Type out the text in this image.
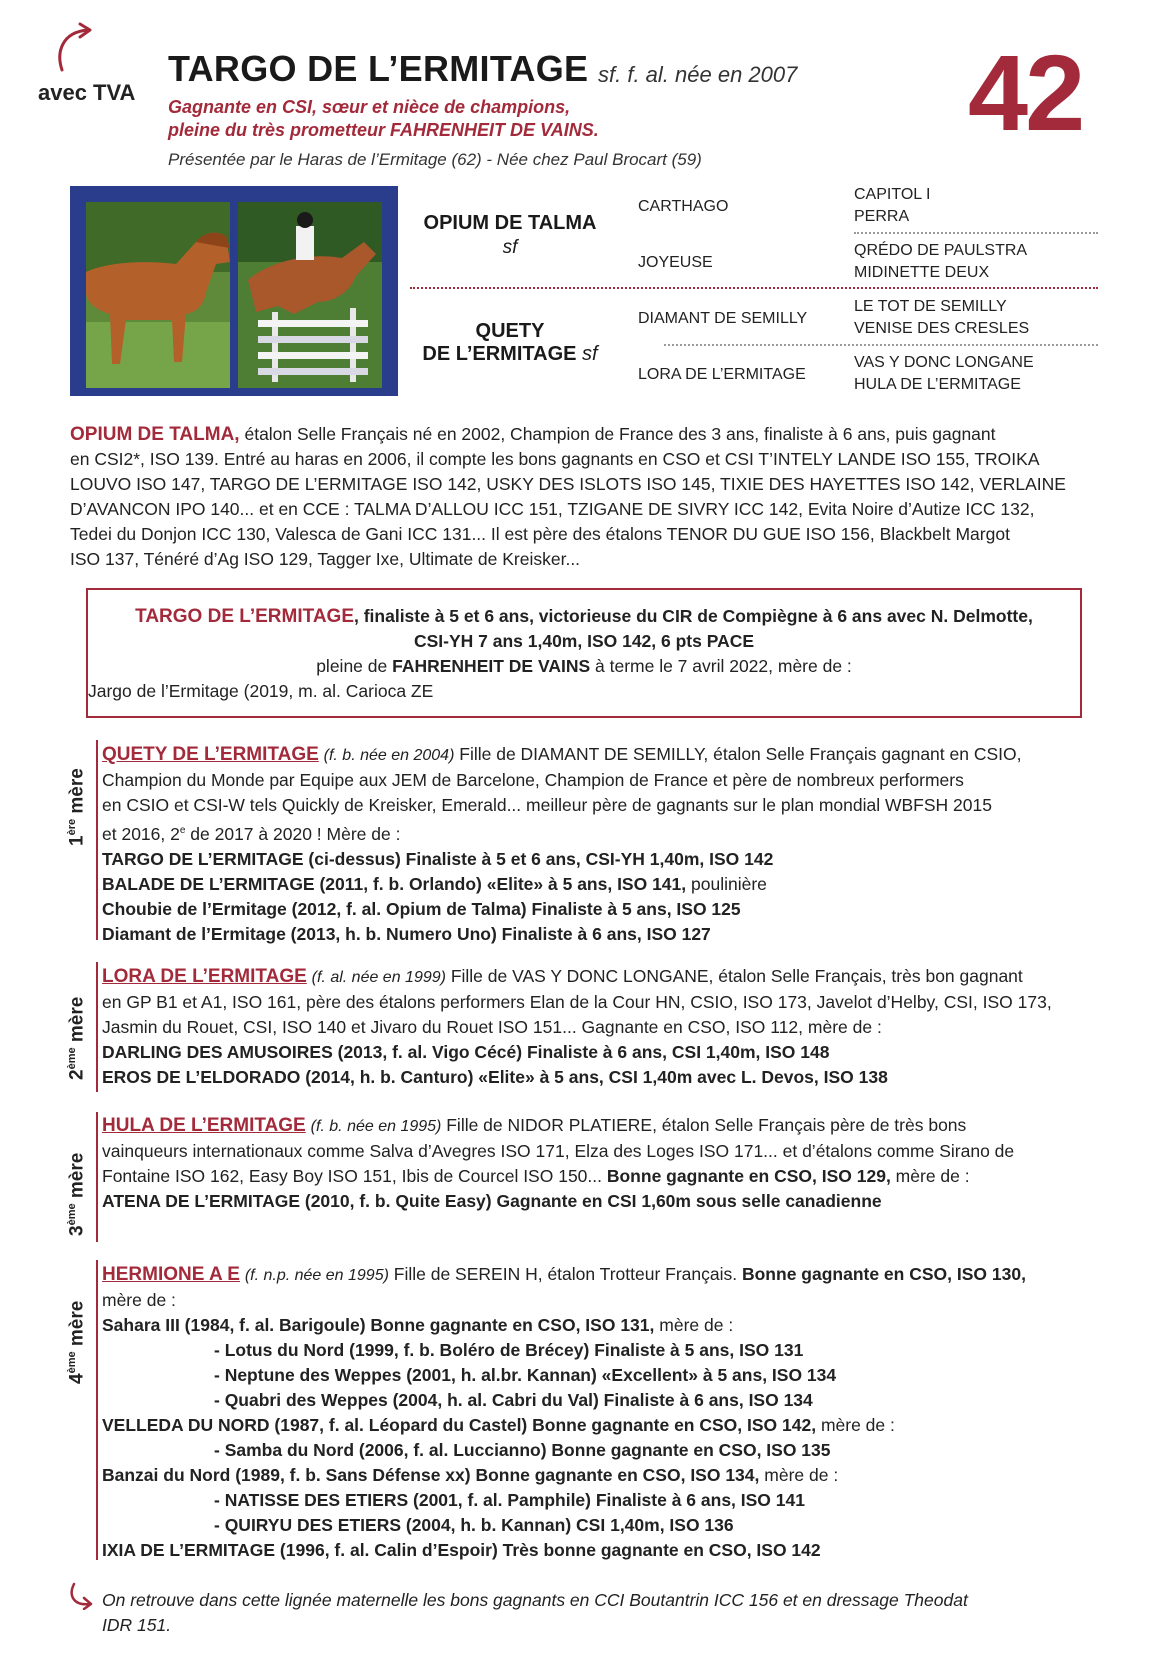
avec TVA
TARGO DE L’ERMITAGE sf. f. al. née en 2007
Gagnante en CSI, sœur et nièce de champions,
pleine du très prometteur FAHRENHEIT DE VAINS.
Présentée par le Haras de l’Ermitage (62) - Née chez Paul Brocart (59)
42
OPIUM DE TALMA
sf
QUETY
DE L’ERMITAGE sf
CARTHAGO
JOYEUSE
DIAMANT DE SEMILLY
LORA DE L’ERMITAGE
CAPITOL I
PERRA
QRÉDO DE PAULSTRA
MIDINETTE DEUX
LE TOT DE SEMILLY
VENISE DES CRESLES
VAS Y DONC LONGANE
HULA DE L’ERMITAGE
OPIUM DE TALMA, étalon Selle Français né en 2002, Champion de France des 3 ans, finaliste à 6 ans, puis gagnant
en CSI2*, ISO 139. Entré au haras en 2006, il compte les bons gagnants en CSO et CSI T’INTELY LANDE ISO 155, TROIKA
LOUVO ISO 147, TARGO DE L’ERMITAGE ISO 142, USKY DES ISLOTS ISO 145, TIXIE DES HAYETTES ISO 142, VERLAINE
D’AVANCON IPO 140... et en CCE : TALMA D’ALLOU ICC 151, TZIGANE DE SIVRY ICC 142, Evita Noire d’Autize ICC 132,
Tedei du Donjon ICC 130, Valesca de Gani ICC 131... Il est père des étalons TENOR DU GUE ISO 156, Blackbelt Margot
ISO 137, Ténéré d’Ag ISO 129, Tagger Ixe, Ultimate de Kreisker...
TARGO DE L’ERMITAGE, finaliste à 5 et 6 ans, victorieuse du CIR de Compiègne à 6 ans avec N. Delmotte,
CSI-YH 7 ans 1,40m, ISO 142, 6 pts PACE
pleine de FAHRENHEIT DE VAINS à terme le 7 avril 2022, mère de :
Jargo de l’Ermitage (2019, m. al. Carioca ZE
1ère mère
QUETY DE L’ERMITAGE (f. b. née en 2004) Fille de DIAMANT DE SEMILLY, étalon Selle Français gagnant en CSIO,
Champion du Monde par Equipe aux JEM de Barcelone, Champion de France et père de nombreux performers
en CSIO et CSI-W tels Quickly de Kreisker, Emerald... meilleur père de gagnants sur le plan mondial WBFSH 2015
et 2016, 2e de 2017 à 2020 ! Mère de :
TARGO DE L’ERMITAGE (ci-dessus) Finaliste à 5 et 6 ans, CSI-YH 1,40m, ISO 142
BALADE DE L’ERMITAGE (2011, f. b. Orlando) «Elite» à 5 ans, ISO 141, poulinière
Choubie de l’Ermitage (2012, f. al. Opium de Talma) Finaliste à 5 ans, ISO 125
Diamant de l’Ermitage (2013, h. b. Numero Uno) Finaliste à 6 ans, ISO 127
2ème mère
LORA DE L’ERMITAGE (f. al. née en 1999) Fille de VAS Y DONC LONGANE, étalon Selle Français, très bon gagnant
en GP B1 et A1, ISO 161, père des étalons performers Elan de la Cour HN, CSIO, ISO 173, Javelot d’Helby, CSI, ISO 173,
Jasmin du Rouet, CSI, ISO 140 et Jivaro du Rouet ISO 151... Gagnante en CSO, ISO 112, mère de :
DARLING DES AMUSOIRES (2013, f. al. Vigo Cécé) Finaliste à 6 ans, CSI 1,40m, ISO 148
EROS DE L’ELDORADO (2014, h. b. Canturo) «Elite» à 5 ans, CSI 1,40m avec L. Devos, ISO 138
3ème mère
HULA DE L’ERMITAGE (f. b. née en 1995) Fille de NIDOR PLATIERE, étalon Selle Français père de très bons
vainqueurs internationaux comme Salva d’Avegres ISO 171, Elza des Loges ISO 171... et d’étalons comme Sirano de
Fontaine ISO 162, Easy Boy ISO 151, Ibis de Courcel ISO 150... Bonne gagnante en CSO, ISO 129, mère de :
ATENA DE L’ERMITAGE (2010, f. b. Quite Easy) Gagnante en CSI 1,60m sous selle canadienne
4ème mère
HERMIONE A E (f. n.p. née en 1995) Fille de SEREIN H, étalon Trotteur Français. Bonne gagnante en CSO, ISO 130,
mère de :
Sahara III (1984, f. al. Barigoule) Bonne gagnante en CSO, ISO 131, mère de :
- Lotus du Nord (1999, f. b. Boléro de Brécey) Finaliste à 5 ans, ISO 131
- Neptune des Weppes (2001, h. al.br. Kannan) «Excellent» à 5 ans, ISO 134
- Quabri des Weppes (2004, h. al. Cabri du Val) Finaliste à 6 ans, ISO 134
VELLEDA DU NORD (1987, f. al. Léopard du Castel) Bonne gagnante en CSO, ISO 142, mère de :
- Samba du Nord (2006, f. al. Luccianno) Bonne gagnante en CSO, ISO 135
Banzai du Nord (1989, f. b. Sans Défense xx) Bonne gagnante en CSO, ISO 134, mère de :
- NATISSE DES ETIERS (2001, f. al. Pamphile) Finaliste à 6 ans, ISO 141
- QUIRYU DES ETIERS (2004, h. b. Kannan) CSI 1,40m, ISO 136
IXIA DE L’ERMITAGE (1996, f. al. Calin d’Espoir) Très bonne gagnante en CSO, ISO 142
On retrouve dans cette lignée maternelle les bons gagnants en CCI Boutantrin ICC 156 et en dressage Theodat
IDR 151.
